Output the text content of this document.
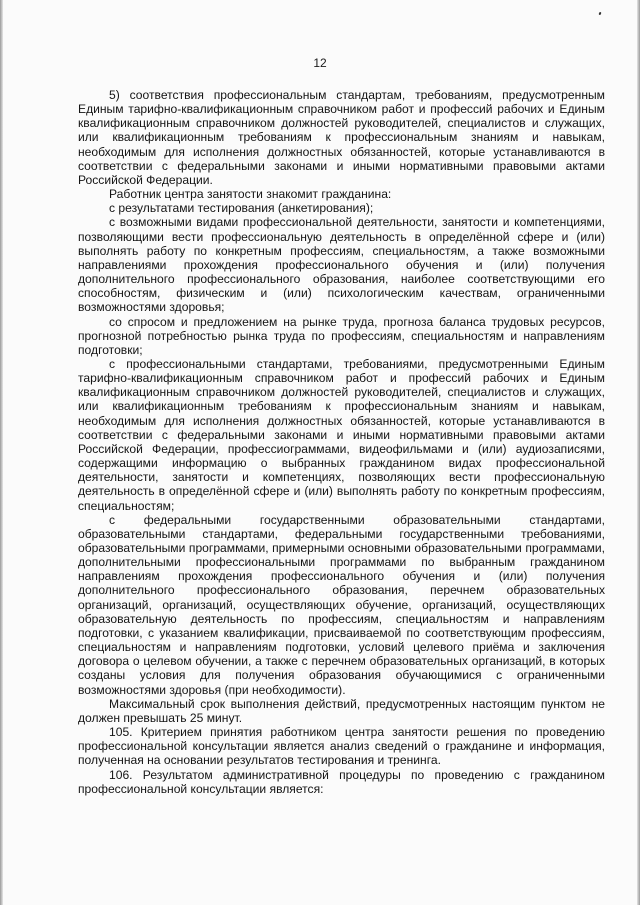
12

5) соответствия профессиональным стандартам, требованиям, предусмотренным Единым тарифно-квалификационным справочником работ и профессий рабочих и Единым квалификационным справочником должностей руководителей, специалистов и служащих, или квалификационным требованиям к профессиональным знаниям и навыкам, необходимым для исполнения должностных обязанностей, которые устанавливаются в соответствии с федеральными законами и иными нормативными правовыми актами Российской Федерации.

Работник центра занятости знакомит гражданина:

с результатами тестирования (анкетирования);

с возможными видами профессиональной деятельности, занятости и компетенциями, позволяющими вести профессиональную деятельность в определённой сфере и (или) выполнять работу по конкретным профессиям, специальностям, а также возможными направлениями прохождения профессионального обучения и (или) получения дополнительного профессионального образования, наиболее соответствующими его способностям, физическим и (или) психологическим качествам, ограниченными возможностями здоровья;

со спросом и предложением на рынке труда, прогноза баланса трудовых ресурсов, прогнозной потребностью рынка труда по профессиям, специальностям и направлениям подготовки;

с профессиональными стандартами, требованиями, предусмотренными Единым тарифно-квалификационным справочником работ и профессий рабочих и Единым квалификационным справочником должностей руководителей, специалистов и служащих, или квалификационным требованиям к профессиональным знаниям и навыкам, необходимым для исполнения должностных обязанностей, которые устанавливаются в соответствии с федеральными законами и иными нормативными правовыми актами Российской Федерации, профессиограммами, видеофильмами и (или) аудиозаписями, содержащими информацию о выбранных гражданином видах профессиональной деятельности, занятости и компетенциях, позволяющих вести профессиональную деятельность в определённой сфере и (или) выполнять работу по конкретным профессиям, специальностям;

с федеральными государственными образовательными стандартами, образовательными стандартами, федеральными государственными требованиями, образовательными программами, примерными основными образовательными программами, дополнительными профессиональными программами по выбранным гражданином направлениям прохождения профессионального обучения и (или) получения дополнительного профессионального образования, перечнем образовательных организаций, организаций, осуществляющих обучение, организаций, осуществляющих образовательную деятельность по профессиям, специальностям и направлениям подготовки, с указанием квалификации, присваиваемой по соответствующим профессиям, специальностям и направлениям подготовки, условий целевого приёма и заключения договора о целевом обучении, а также с перечнем образовательных организаций, в которых созданы условия для получения образования обучающимися с ограниченными возможностями здоровья (при необходимости).

Максимальный срок выполнения действий, предусмотренных настоящим пунктом не должен превышать 25 минут.

105. Критерием принятия работником центра занятости решения по проведению профессиональной консультации является анализ сведений о гражданине и информация, полученная на основании результатов тестирования и тренинга.

106. Результатом административной процедуры по проведению с гражданином профессиональной консультации является:
